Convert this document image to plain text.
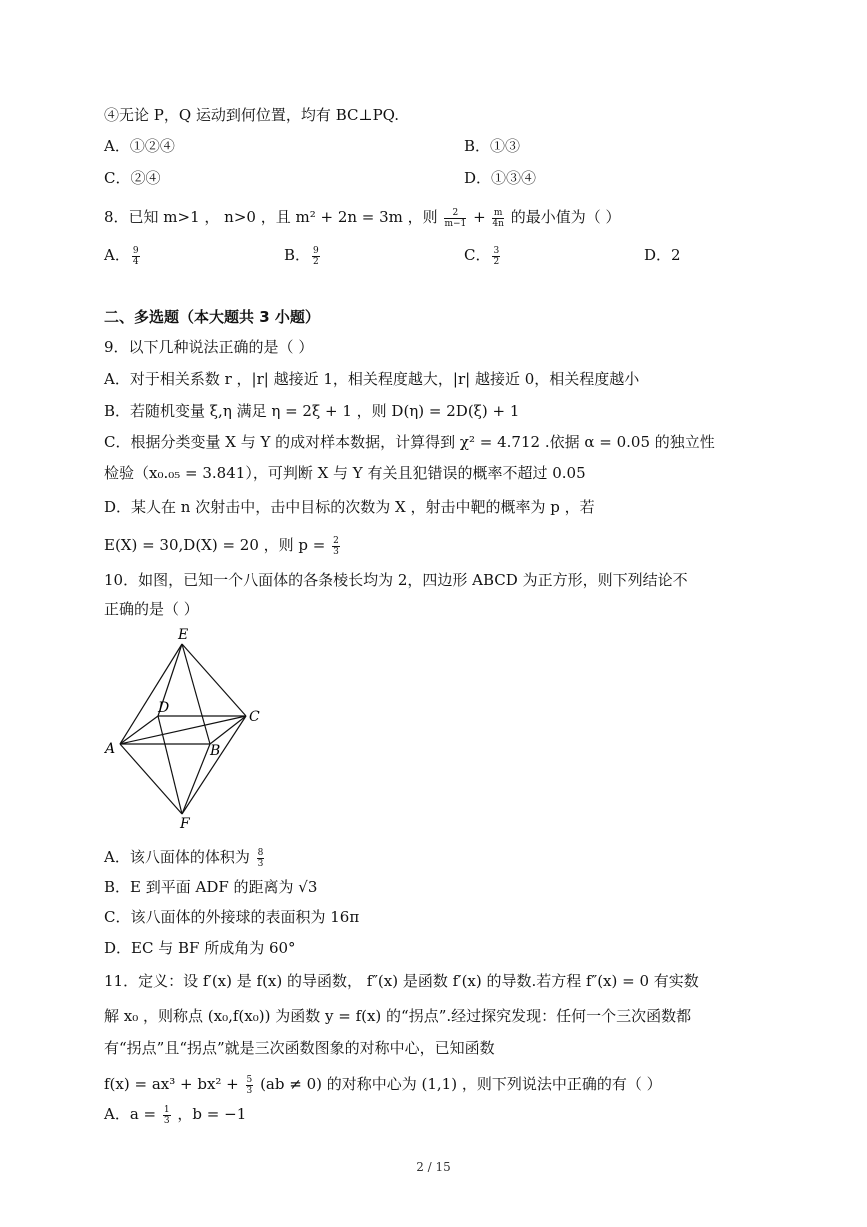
④无论 P，Q 运动到何位置，均有 BC⊥PQ.
A．①②④	B．①③
C．②④	D．①③④
8．已知 m>1 ， n>0 ，且 m² + 2n = 3m ，则 $\frac{2}{m-1} + \frac{m}{4n}$ 的最小值为（ ）
A． $\frac{9}{4}$	B． $\frac{9}{2}$	C． $\frac{3}{2}$	D．2
二、多选题（本大题共 3 小题）
9．以下几种说法正确的是（ ）
A．对于相关系数 r ，|r| 越接近 1，相关程度越大，|r| 越接近 0，相关程度越小
B．若随机变量 ξ,η 满足 η = 2ξ + 1 ，则 D(η) = 2D(ξ) + 1
C．根据分类变量 X 与 Y 的成对样本数据，计算得到 χ² = 4.712 .依据 α = 0.05 的独立性
检验（x₀.₀₅ = 3.841），可判断 X 与 Y 有关且犯错误的概率不超过 0.05
D．某人在 n 次射击中，击中目标的次数为 X ，射击中靶的概率为 p ，若
E(X) = 30,D(X) = 20 ，则 $p = \frac{2}{3}$
10．如图，已知一个八面体的各条棱长均为 2，四边形 ABCD 为正方形，则下列结论不
正确的是（ ）
E
D
C
A	B
F
A．该八面体的体积为 $\frac{8}{3}$
B．E 到平面 ADF 的距离为 √3
C．该八面体的外接球的表面积为 16π
D．EC 与 BF 所成角为 60°
11．定义：设 f′(x) 是 f(x) 的导函数， f″(x) 是函数 f′(x) 的导数.若方程 f″(x) = 0 有实数
解 x₀ ，则称点 (x₀,f(x₀)) 为函数 y = f(x) 的“拐点”.经过探究发现：任何一个三次函数都
有“拐点”且“拐点”就是三次函数图象的对称中心，已知函数
$f(x) = ax^3 + bx^2 + \frac{5}{3} (ab \ne 0)$ 的对称中心为 (1,1) ，则下列说法中正确的有（ ）
A．$a = \frac{1}{3}$ ，b = −1
2 / 15
